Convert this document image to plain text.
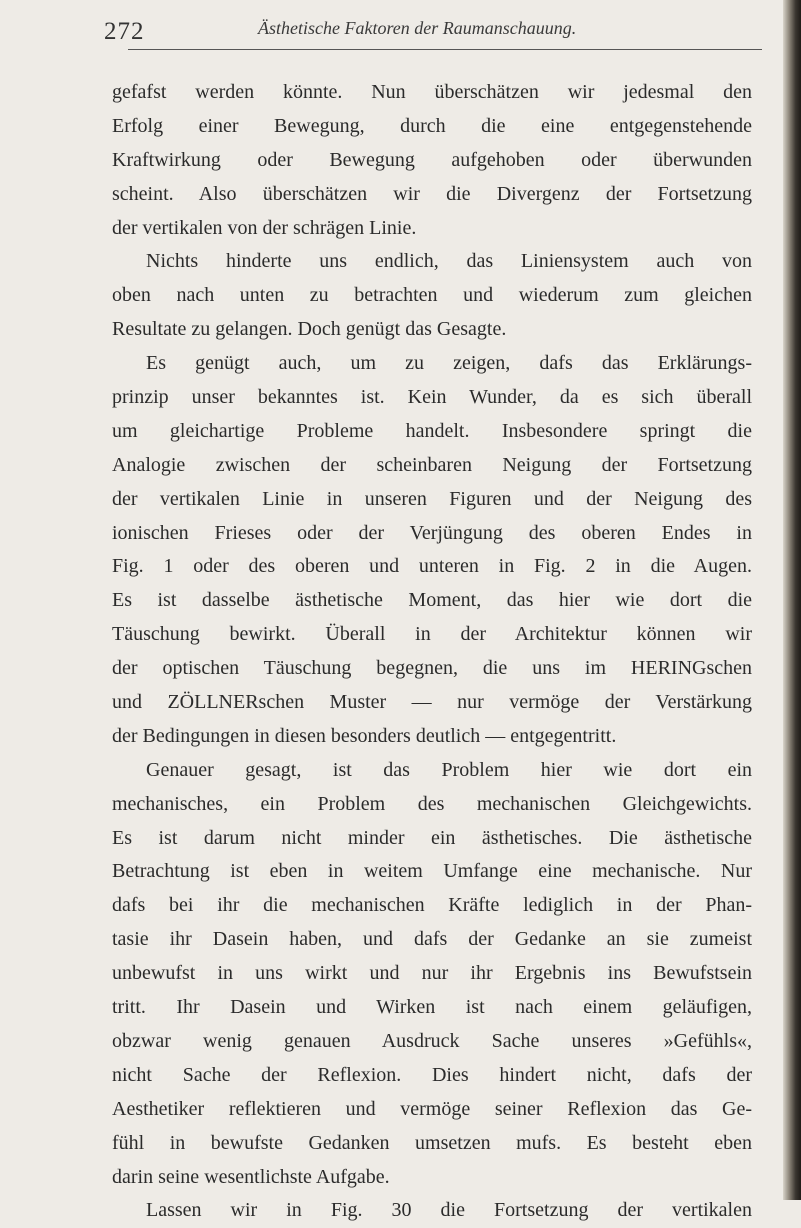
272	Ästhetische Faktoren der Raumanschauung.
gefafst werden könnte. Nun überschätzen wir jedesmal den
Erfolg einer Bewegung, durch die eine entgegenstehende
Kraftwirkung oder Bewegung aufgehoben oder überwunden
scheint. Also überschätzen wir die Divergenz der Fortsetzung
der vertikalen von der schrägen Linie.
Nichts hinderte uns endlich, das Liniensystem auch von
oben nach unten zu betrachten und wiederum zum gleichen
Resultate zu gelangen. Doch genügt das Gesagte.
Es genügt auch, um zu zeigen, dafs das Erklärungs-
prinzip unser bekanntes ist. Kein Wunder, da es sich überall
um gleichartige Probleme handelt. Insbesondere springt die
Analogie zwischen der scheinbaren Neigung der Fortsetzung
der vertikalen Linie in unseren Figuren und der Neigung des
ionischen Frieses oder der Verjüngung des oberen Endes in
Fig. 1 oder des oberen und unteren in Fig. 2 in die Augen.
Es ist dasselbe ästhetische Moment, das hier wie dort die
Täuschung bewirkt. Überall in der Architektur können wir
der optischen Täuschung begegnen, die uns im HERINGschen
und ZÖLLNERschen Muster — nur vermöge der Verstärkung
der Bedingungen in diesen besonders deutlich — entgegentritt.
Genauer gesagt, ist das Problem hier wie dort ein
mechanisches, ein Problem des mechanischen Gleichgewichts.
Es ist darum nicht minder ein ästhetisches. Die ästhetische
Betrachtung ist eben in weitem Umfange eine mechanische. Nur
dafs bei ihr die mechanischen Kräfte lediglich in der Phan-
tasie ihr Dasein haben, und dafs der Gedanke an sie zumeist
unbewufst in uns wirkt und nur ihr Ergebnis ins Bewufstsein
tritt. Ihr Dasein und Wirken ist nach einem geläufigen,
obzwar wenig genauen Ausdruck Sache unseres »Gefühls«,
nicht Sache der Reflexion. Dies hindert nicht, dafs der
Aesthetiker reflektieren und vermöge seiner Reflexion das Ge-
fühl in bewufste Gedanken umsetzen mufs. Es besteht eben
darin seine wesentlichste Aufgabe.
Lassen wir in Fig. 30 die Fortsetzung der vertikalen
